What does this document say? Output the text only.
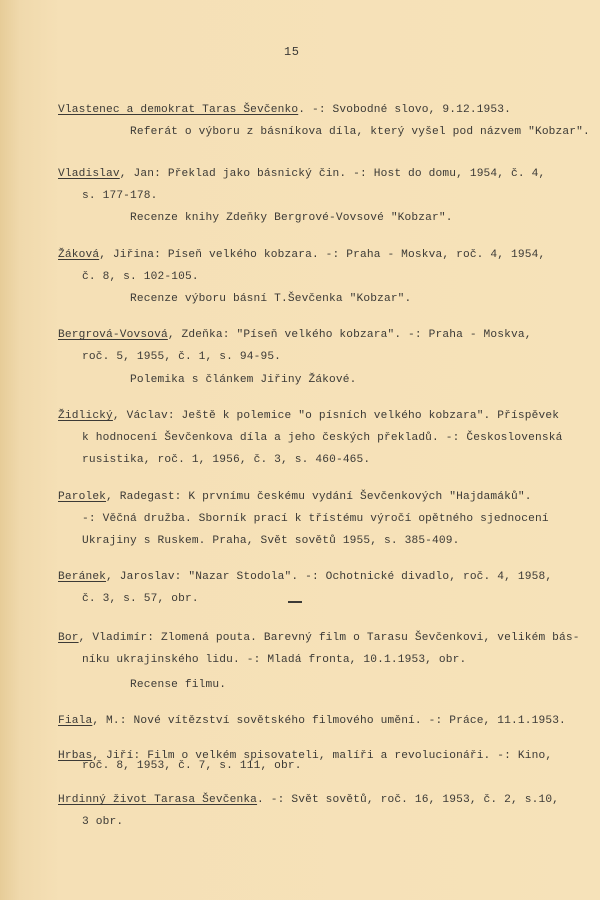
15
Vlastenec a demokrat Taras Ševčenko. -: Svobodné slovo, 9.12.1953.
Referát o výboru z básníkova díla, který vyšel pod názvem "Kobzar".
Vladislav, Jan: Překlad jako básnický čin. -: Host do domu, 1954, č. 4,
s. 177-178.
Recenze knihy Zdeňky Bergrové-Vovsové "Kobzar".
Žáková, Jiřina: Píseň velkého kobzara. -: Praha - Moskva, roč. 4, 1954,
č. 8, s. 102-105.
Recenze výboru básní T.Ševčenka "Kobzar".
Bergrová-Vovsová, Zdeňka: "Píseň velkého kobzara". -: Praha - Moskva,
roč. 5, 1955, č. 1, s. 94-95.
Polemika s článkem Jiřiny Žákové.
Židlický, Václav: Ještě k polemice "o písních velkého kobzara". Příspěvek
k hodnocení Ševčenkova díla a jeho českých překladů. -: Československá
rusistika, roč. 1, 1956, č. 3, s. 460-465.
Parolek, Radegast: K prvnímu českému vydání Ševčenkových "Hajdamáků".
-: Věčná družba. Sborník prací k třístému výročí opětného sjednocení
Ukrajiny s Ruskem. Praha, Svět sovětů 1955, s. 385-409.
Beránek, Jaroslav: "Nazar Stodola". -: Ochotnické divadlo, roč. 4, 1958,
č. 3, s. 57, obr.
Bor, Vladimír: Zlomená pouta. Barevný film o Tarasu Ševčenkovi, velikém bás-
níku ukrajinského lidu. -: Mladá fronta, 10.1.1953, obr.
Recense filmu.
Fiala, M.: Nové vítězství sovětského filmového umění. -: Práce, 11.1.1953.
Hrbas, Jiří: Film o velkém spisovateli, malíři a revolucionáři. -: Kino,
roč. 8, 1953, č. 7, s. 111, obr.
Hrdinný život Tarasa Ševčenka. -: Svět sovětů, roč. 16, 1953, č. 2, s.10,
3 obr.
